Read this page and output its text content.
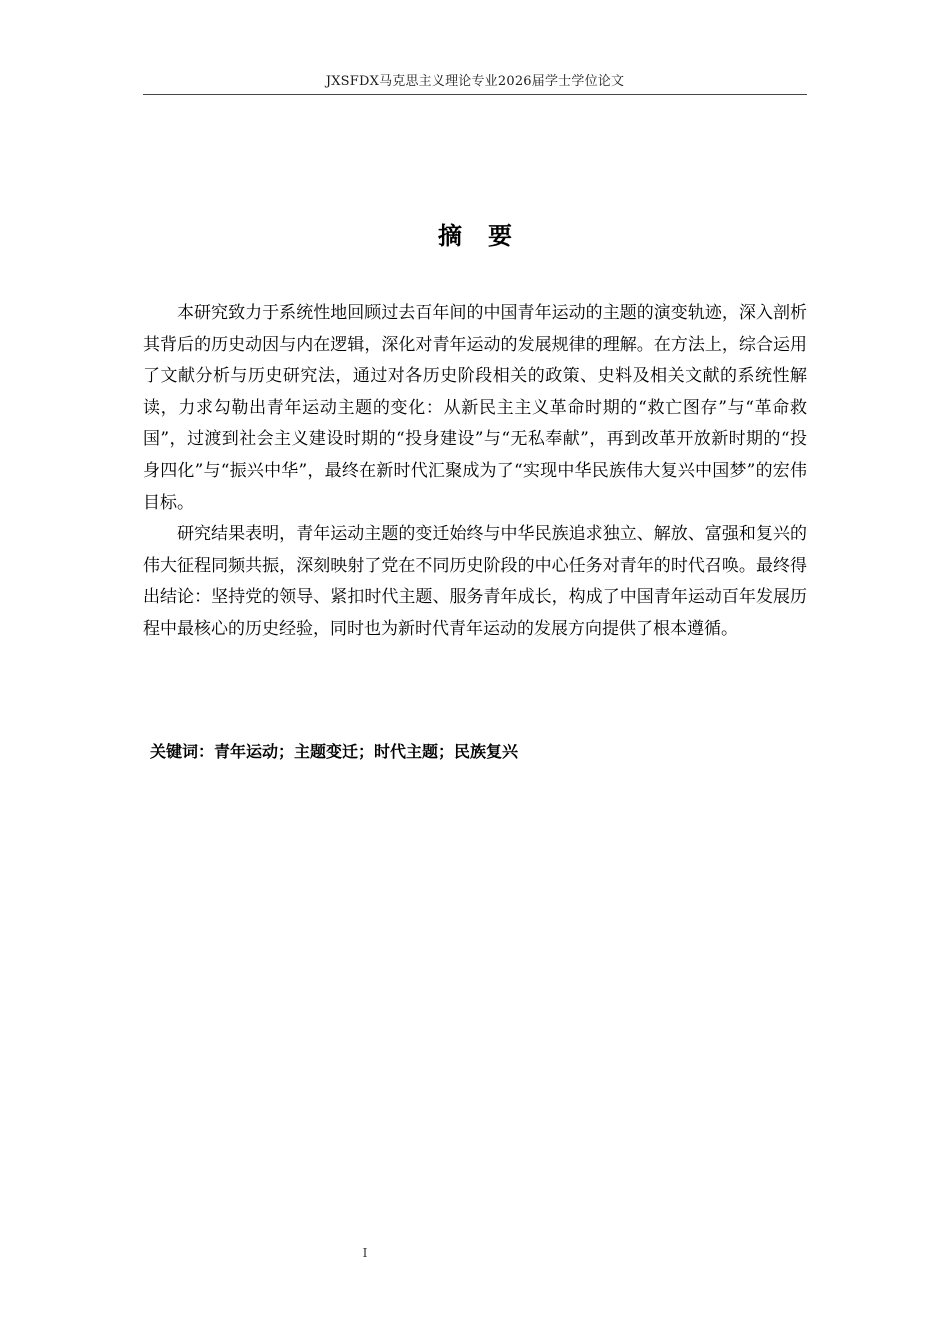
JXSFDX马克思主义理论专业2026届学士学位论文
摘要

本研究致力于系统性地回顾过去百年间的中国青年运动的主题的演变轨迹，深入剖析其背后的历史动因与内在逻辑，深化对青年运动的发展规律的理解。在方法上，综合运用了文献分析与历史研究法，通过对各历史阶段相关的政策、史料及相关文献的系统性解读，力求勾勒出青年运动主题的变化：从新民主主义革命时期的“救亡图存”与“革命救国”，过渡到社会主义建设时期的“投身建设”与“无私奉献”，再到改革开放新时期的“投身四化”与“振兴中华”，最终在新时代汇聚成为了“实现中华民族伟大复兴中国梦”的宏伟目标。

研究结果表明，青年运动主题的变迁始终与中华民族追求独立、解放、富强和复兴的伟大征程同频共振，深刻映射了党在不同历史阶段的中心任务对青年的时代召唤。最终得出结论：坚持党的领导、紧扣时代主题、服务青年成长，构成了中国青年运动百年发展历程中最核心的历史经验，同时也为新时代青年运动的发展方向提供了根本遵循。

关键词：青年运动；主题变迁；时代主题；民族复兴
I
